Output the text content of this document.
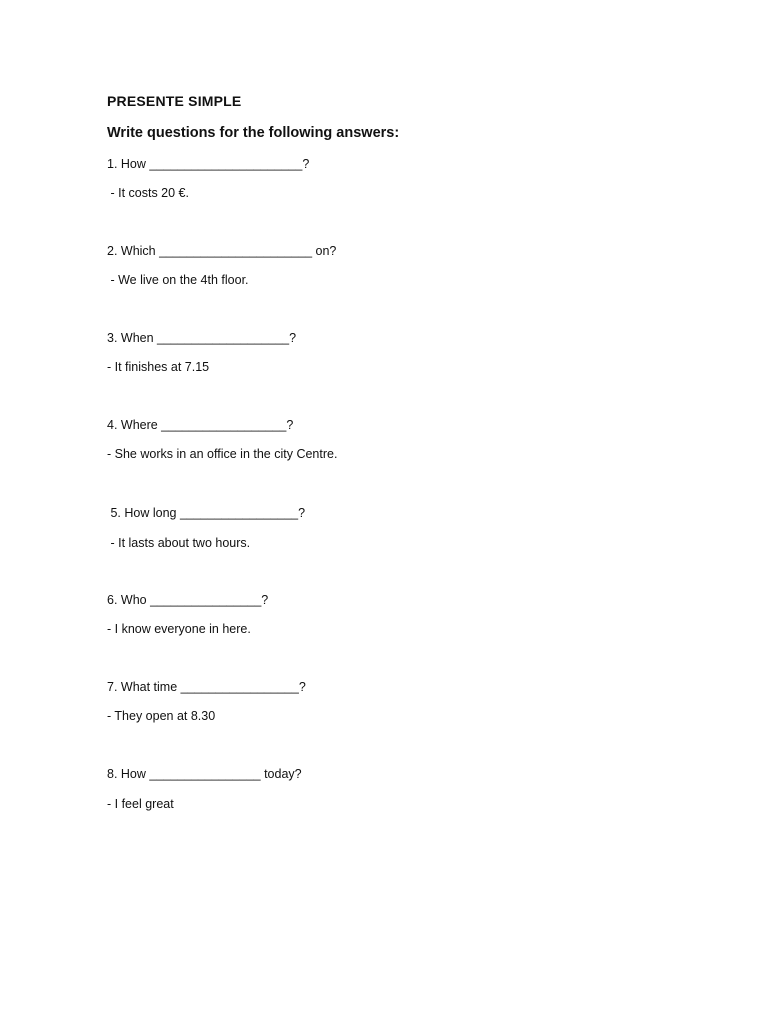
PRESENTE SIMPLE
Write questions for the following answers:
1. How ______________________?
- It costs 20 €.
2. Which ______________________ on?
- We live on the 4th floor.
3. When ___________________?
- It finishes at 7.15
4. Where __________________?
- She works in an office in the city Centre.
5. How long _________________?
- It lasts about two hours.
6. Who ________________?
- I know everyone in here.
7. What time _________________?
- They open at 8.30
8. How ________________ today?
- I feel great
